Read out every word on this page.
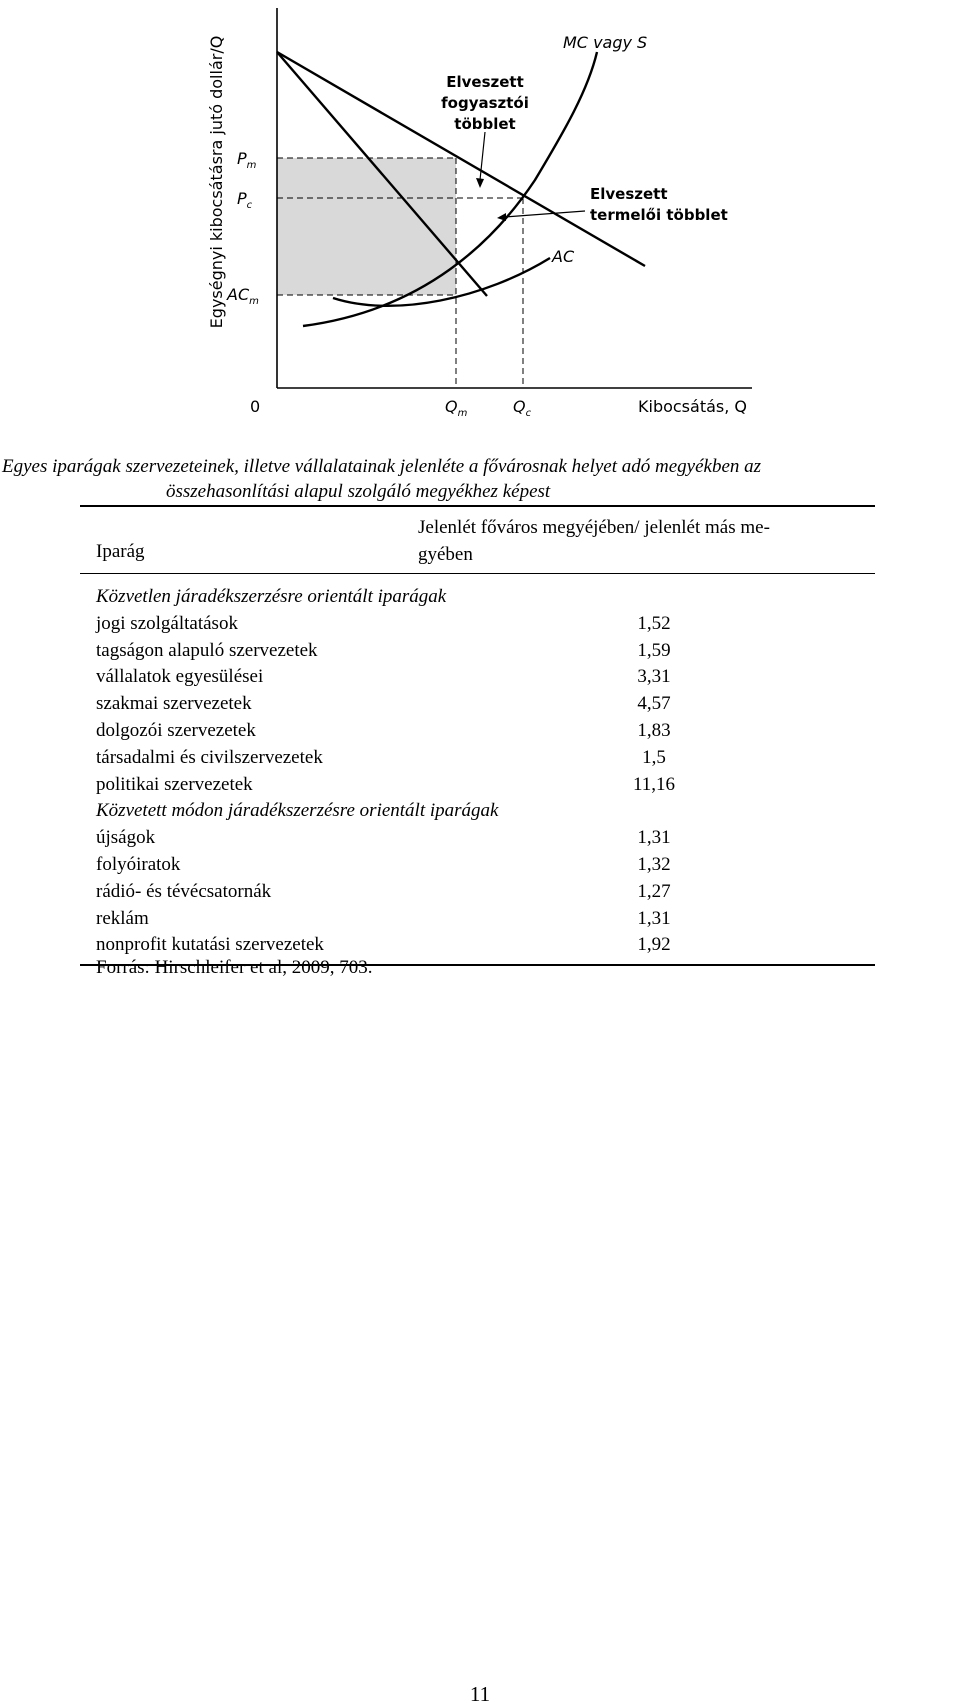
Egységnyi kibocsátásra jutó dollár/Q $P_m$
$P_c$
$AC_m$
0	$Q_m$	$Q_c$	Kibocsátás, Q
MC vagy S
AC
Elveszett
fogyasztói
többlet
Elveszett
termelői többlet
Egyes iparágak szervezeteinek, illetve vállalatainak jelenléte a fővárosnak helyet adó megyékben az
összehasonlítási alapul szolgáló megyékhez képest
Iparág
Jelenlét főváros megyéjében/ jelenlét más me-
gyében
Közvetlen járadékszerzésre orientált iparágak
jogi szolgáltatások	1,52
tagságon alapuló szervezetek	1,59
vállalatok egyesülései	3,31
szakmai szervezetek	4,57
dolgozói szervezetek	1,83
társadalmi és civilszervezetek	1,5
politikai szervezetek	11,16
Közvetett módon járadékszerzésre orientált iparágak
újságok	1,31
folyóiratok	1,32
rádió- és tévécsatornák	1,27
reklám	1,31
nonprofit kutatási szervezetek	1,92
Forrás: Hirschleifer et al, 2009, 703.
11
